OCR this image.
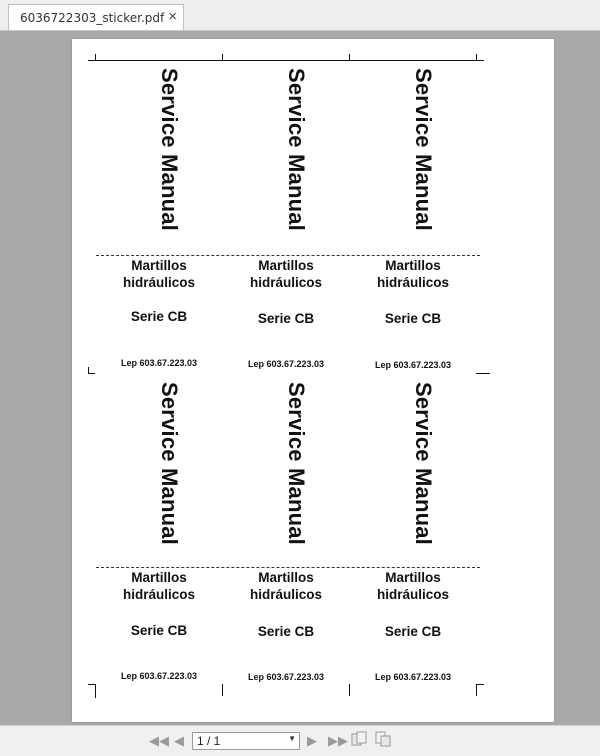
6036722303_sticker.pdf ×
Service Manual	Service Manual	Service Manual
Martillos
hidráulicos
Martillos
hidráulicos
Martillos
hidráulicos
Serie CB	Serie CB	Serie CB
Lep 603.67.223.03	Lep 603.67.223.03	Lep 603.67.223.03
Service Manual	Service Manual	Service Manual
Martillos
hidráulicos
Martillos
hidráulicos
Martillos
hidráulicos
Serie CB	Serie CB	Serie CB
Lep 603.67.223.03	Lep 603.67.223.03	Lep 603.67.223.03
◀◀ ◀ 1 / 1	▼ ▶ ▶▶
